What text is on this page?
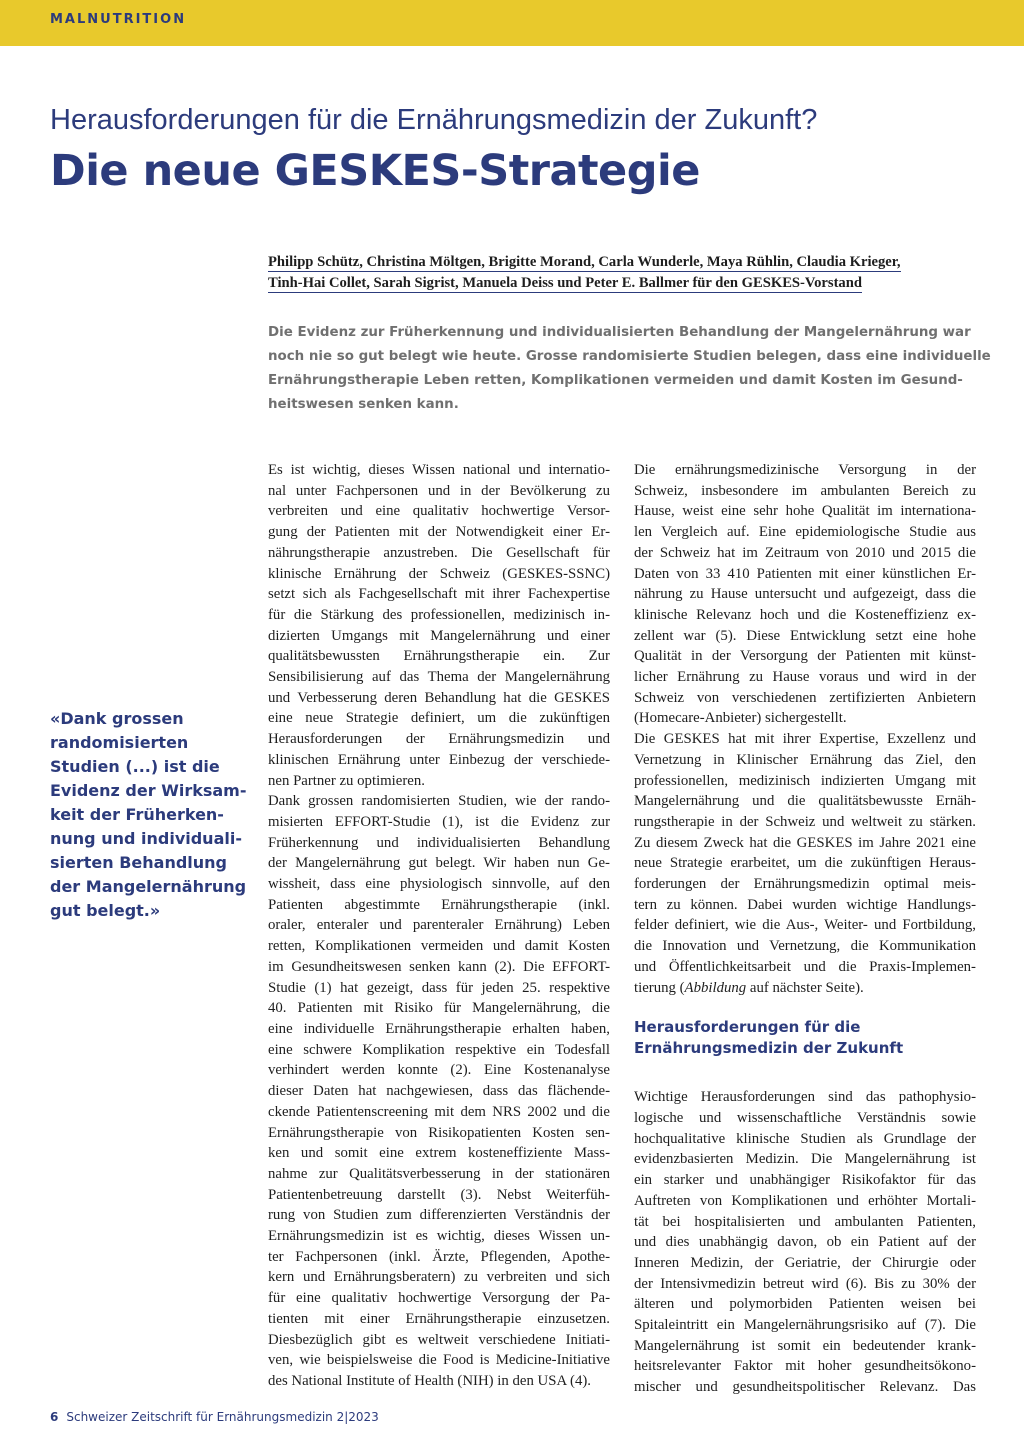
MALNUTRITION
Herausforderungen für die Ernährungsmedizin der Zukunft?
Die neue GESKES-Strategie
Philipp Schütz, Christina Möltgen, Brigitte Morand, Carla Wunderle, Maya Rühlin, Claudia Krieger,
Tinh-Hai Collet, Sarah Sigrist, Manuela Deiss und Peter E. Ballmer für den GESKES-Vorstand
Die Evidenz zur Früherkennung und individualisierten Behandlung der Mangelernährung war
noch nie so gut belegt wie heute. Grosse randomisierte Studien belegen, dass eine individuelle
Ernährungstherapie Leben retten, Komplikationen vermeiden und damit Kosten im Gesund-
heitswesen senken kann.
«Dank grossen
randomisierten
Studien (...) ist die
Evidenz der Wirksam-
keit der Früherken-
nung und individuali-
sierten Behandlung
der Mangelernährung
gut belegt.»
Es ist wichtig, dieses Wissen national und internatio-
nal unter Fachpersonen und in der Bevölkerung zu
verbreiten und eine qualitativ hochwertige Versor-
gung der Patienten mit der Notwendigkeit einer Er-
nährungstherapie anzustreben. Die Gesellschaft für
klinische Ernährung der Schweiz (GESKES-SSNC)
setzt sich als Fachgesellschaft mit ihrer Fachexpertise
für die Stärkung des professionellen, medizinisch in-
dizierten Umgangs mit Mangelernährung und einer
qualitätsbewussten Ernährungstherapie ein. Zur
Sensibilisierung auf das Thema der Mangelernährung
und Verbesserung deren Behandlung hat die GESKES
eine neue Strategie definiert, um die zukünftigen
Herausforderungen der Ernährungsmedizin und
klinischen Ernährung unter Einbezug der verschiede-
nen Partner zu optimieren.
Dank grossen randomisierten Studien, wie der rando-
misierten EFFORT-Studie (1), ist die Evidenz zur
Früherkennung und individualisierten Behandlung
der Mangelernährung gut belegt. Wir haben nun Ge-
wissheit, dass eine physiologisch sinnvolle, auf den
Patienten abgestimmte Ernährungstherapie (inkl.
oraler, enteraler und parenteraler Ernährung) Leben
retten, Komplikationen vermeiden und damit Kosten
im Gesundheitswesen senken kann (2). Die EFFORT-
Studie (1) hat gezeigt, dass für jeden 25. respektive
40. Patienten mit Risiko für Mangelernährung, die
eine individuelle Ernährungstherapie erhalten haben,
eine schwere Komplikation respektive ein Todesfall
verhindert werden konnte (2). Eine Kostenanalyse
dieser Daten hat nachgewiesen, dass das flächende-
ckende Patientenscreening mit dem NRS 2002 und die
Ernährungstherapie von Risikopatienten Kosten sen-
ken und somit eine extrem kosteneffiziente Mass-
nahme zur Qualitätsverbesserung in der stationären
Patientenbetreuung darstellt (3). Nebst Weiterfüh-
rung von Studien zum differenzierten Verständnis der
Ernährungsmedizin ist es wichtig, dieses Wissen un-
ter Fachpersonen (inkl. Ärzte, Pflegenden, Apothe-
kern und Ernährungsberatern) zu verbreiten und sich
für eine qualitativ hochwertige Versorgung der Pa-
tienten mit einer Ernährungstherapie einzusetzen.
Diesbezüglich gibt es weltweit verschiedene Initiati-
ven, wie beispielsweise die Food is Medicine-Initiative
des National Institute of Health (NIH) in den USA (4).
Die ernährungsmedizinische Versorgung in der
Schweiz, insbesondere im ambulanten Bereich zu
Hause, weist eine sehr hohe Qualität im internationa-
len Vergleich auf. Eine epidemiologische Studie aus
der Schweiz hat im Zeitraum von 2010 und 2015 die
Daten von 33 410 Patienten mit einer künstlichen Er-
nährung zu Hause untersucht und aufgezeigt, dass die
klinische Relevanz hoch und die Kosteneffizienz ex-
zellent war (5). Diese Entwicklung setzt eine hohe
Qualität in der Versorgung der Patienten mit künst-
licher Ernährung zu Hause voraus und wird in der
Schweiz von verschiedenen zertifizierten Anbietern
(Homecare-Anbieter) sichergestellt.
Die GESKES hat mit ihrer Expertise, Exzellenz und
Vernetzung in Klinischer Ernährung das Ziel, den
professionellen, medizinisch indizierten Umgang mit
Mangelernährung und die qualitätsbewusste Ernäh-
rungstherapie in der Schweiz und weltweit zu stärken.
Zu diesem Zweck hat die GESKES im Jahre 2021 eine
neue Strategie erarbeitet, um die zukünftigen Heraus-
forderungen der Ernährungsmedizin optimal meis-
tern zu können. Dabei wurden wichtige Handlungs-
felder definiert, wie die Aus-, Weiter- und Fortbildung,
die Innovation und Vernetzung, die Kommunikation
und Öffentlichkeitsarbeit und die Praxis-Implemen-
tierung (Abbildung auf nächster Seite).
Herausforderungen für die
Ernährungsmedizin der Zukunft
Wichtige Herausforderungen sind das pathophysio-
logische und wissenschaftliche Verständnis sowie
hochqualitative klinische Studien als Grundlage der
evidenzbasierten Medizin. Die Mangelernährung ist
ein starker und unabhängiger Risikofaktor für das
Auftreten von Komplikationen und erhöhter Mortali-
tät bei hospitalisierten und ambulanten Patienten,
und dies unabhängig davon, ob ein Patient auf der
Inneren Medizin, der Geriatrie, der Chirurgie oder
der Intensivmedizin betreut wird (6). Bis zu 30% der
älteren und polymorbiden Patienten weisen bei
Spitaleintritt ein Mangelernährungsrisiko auf (7). Die
Mangelernährung ist somit ein bedeutender krank-
heitsrelevanter Faktor mit hoher gesundheitsökono-
mischer und gesundheitspolitischer Relevanz. Das
6 Schweizer Zeitschrift für Ernährungsmedizin 2|2023
